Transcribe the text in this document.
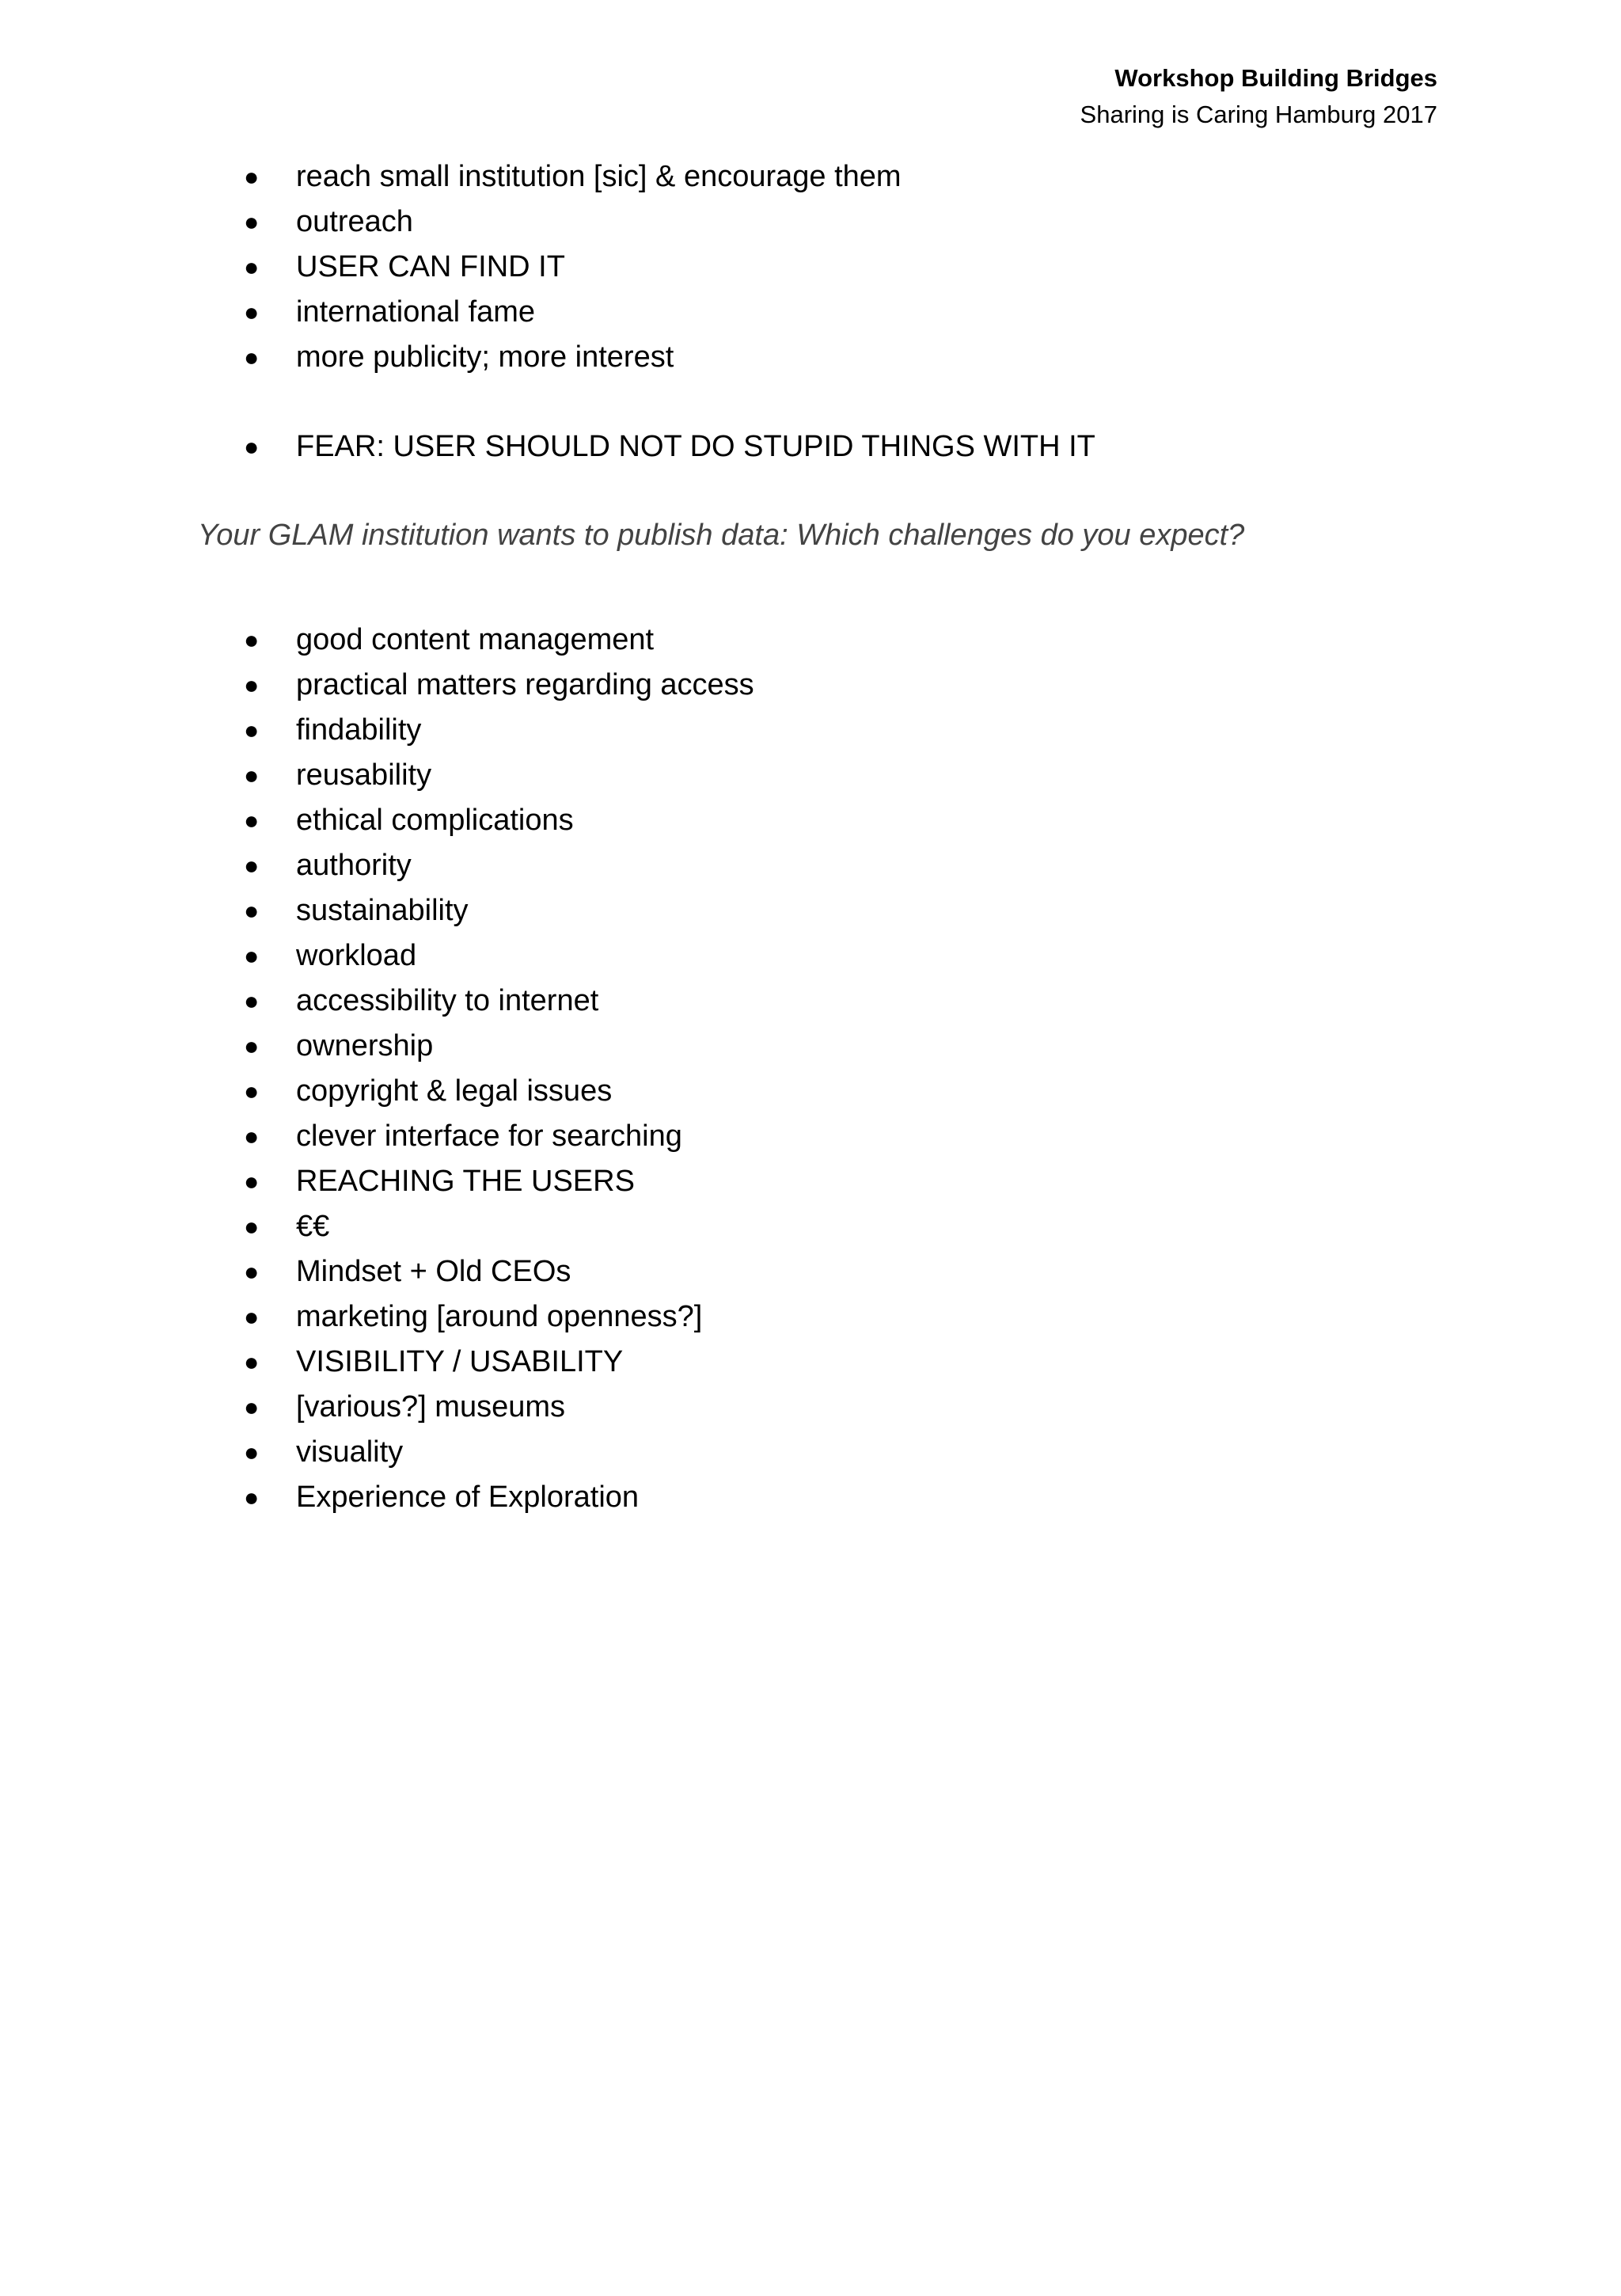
Workshop Building Bridges
Sharing is Caring Hamburg 2017
● reach small institution [sic] & encourage them
● outreach
● USER CAN FIND IT
● international fame
● more publicity; more interest
● FEAR: USER SHOULD NOT DO STUPID THINGS WITH IT
Your GLAM institution wants to publish data: Which challenges do you expect?
● good content management
● practical matters regarding access
● findability
● reusability
● ethical complications
● authority
● sustainability
● workload
● accessibility to internet
● ownership
● copyright & legal issues
● clever interface for searching
● REACHING THE USERS
● €€
● Mindset + Old CEOs
● marketing [around openness?]
● VISIBILITY / USABILITY
● [various?] museums
● visuality
● Experience of Exploration
